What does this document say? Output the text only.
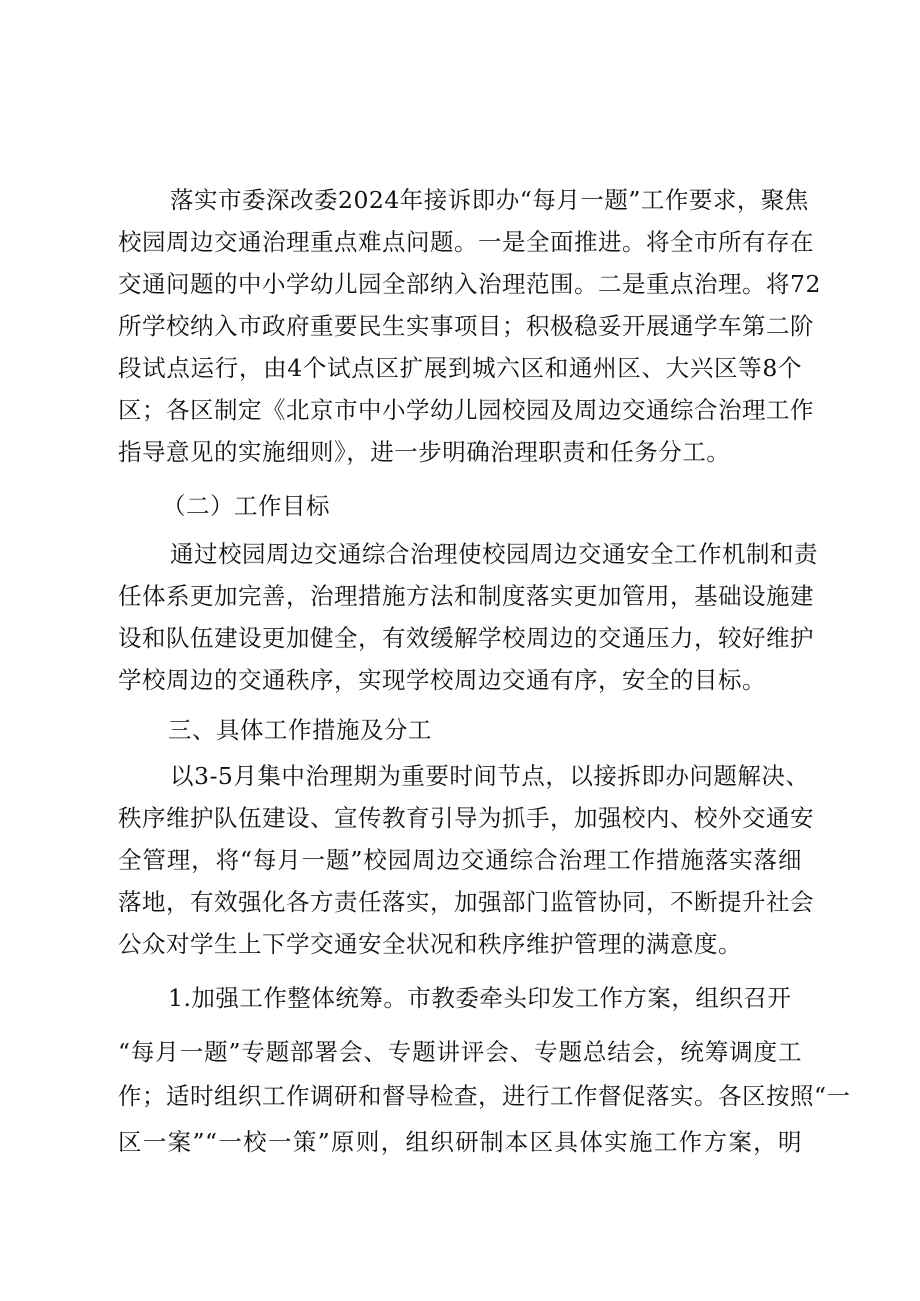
落实市委深改委2024年接诉即办“每月一题”工作要求，聚焦
校园周边交通治理重点难点问题。一是全面推进。将全市所有存在
交通问题的中小学幼儿园全部纳入治理范围。二是重点治理。将72
所学校纳入市政府重要民生实事项目；积极稳妥开展通学车第二阶
段试点运行，由4个试点区扩展到城六区和通州区、大兴区等8个
区；各区制定《北京市中小学幼儿园校园及周边交通综合治理工作
指导意见的实施细则》，进一步明确治理职责和任务分工。
（二）工作目标
通过校园周边交通综合治理使校园周边交通安全工作机制和责
任体系更加完善，治理措施方法和制度落实更加管用，基础设施建
设和队伍建设更加健全，有效缓解学校周边的交通压力，较好维护
学校周边的交通秩序，实现学校周边交通有序，安全的目标。
三、具体工作措施及分工
以3-5月集中治理期为重要时间节点，以接拆即办问题解决、
秩序维护队伍建设、宣传教育引导为抓手，加强校内、校外交通安
全管理，将“每月一题”校园周边交通综合治理工作措施落实落细
落地，有效强化各方责任落实，加强部门监管协同，不断提升社会
公众对学生上下学交通安全状况和秩序维护管理的满意度。
1.加强工作整体统筹。市教委牵头印发工作方案，组织召开
“每月一题”专题部署会、专题讲评会、专题总结会，统筹调度工
作；适时组织工作调研和督导检查，进行工作督促落实。各区按照“一
区一案”“一校一策”原则，组织研制本区具体实施工作方案，明
